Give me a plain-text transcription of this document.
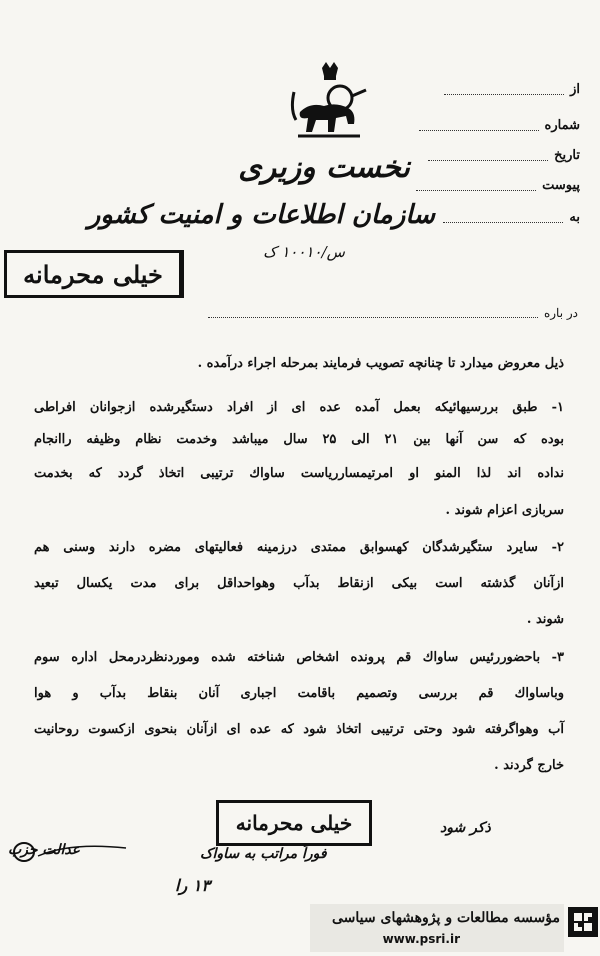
از
شماره
تاریخ
پیوست
به
نخست وزیری
سازمان اطلاعات و امنیت کشور
س/۱۰۰۱۰ ک
خیلی محرمانه
در باره
ذیل معروض میدارد تا چنانچه تصویب فرمایند بمرحله اجراء درآمده .
۱- طبق بررسیهائیکه بعمل آمده عده ای از افراد دستگیرشده ازجوانان افراطی
بوده که سن آنها بین ۲۱ الی ۲۵ سال میباشد وخدمت نظام وظیفه راانجام
نداده اند لذا المنو او امرتیمساررياست ساواك ترتيبی اتخاذ گردد که بخدمت
سربازی اعزام شوند .
۲- سایرد ستگیرشدگان کهسوابق ممتدی درزمینه فعالیتهای مضره دارند وسنی هم
ازآنان گذشته است بیکی ازنقاط بدآب وهواحداقل برای مدت یکسال تبعید
شوند .
۳- باحضوررئیس ساواك قم پرونده اشخاص شناخته شده وموردنظردرمحل اداره سوم
وباساواك قم بررسی وتصمیم باقامت اجباری آنان بنقاط بدآب و هوا
آب وهواگرفته شود وحتی ترتیبی اتخاذ شود که عده ای ازآنان بنحوی ازکسوت روحانیت
خارج گردند .
خیلی محرمانه
عدالت حزب	فوراً مراتب به ساواک
۱۳ را
ذکر شود
مؤسسه مطالعات و پژوهشهای سیاسی
www.psri.ir
